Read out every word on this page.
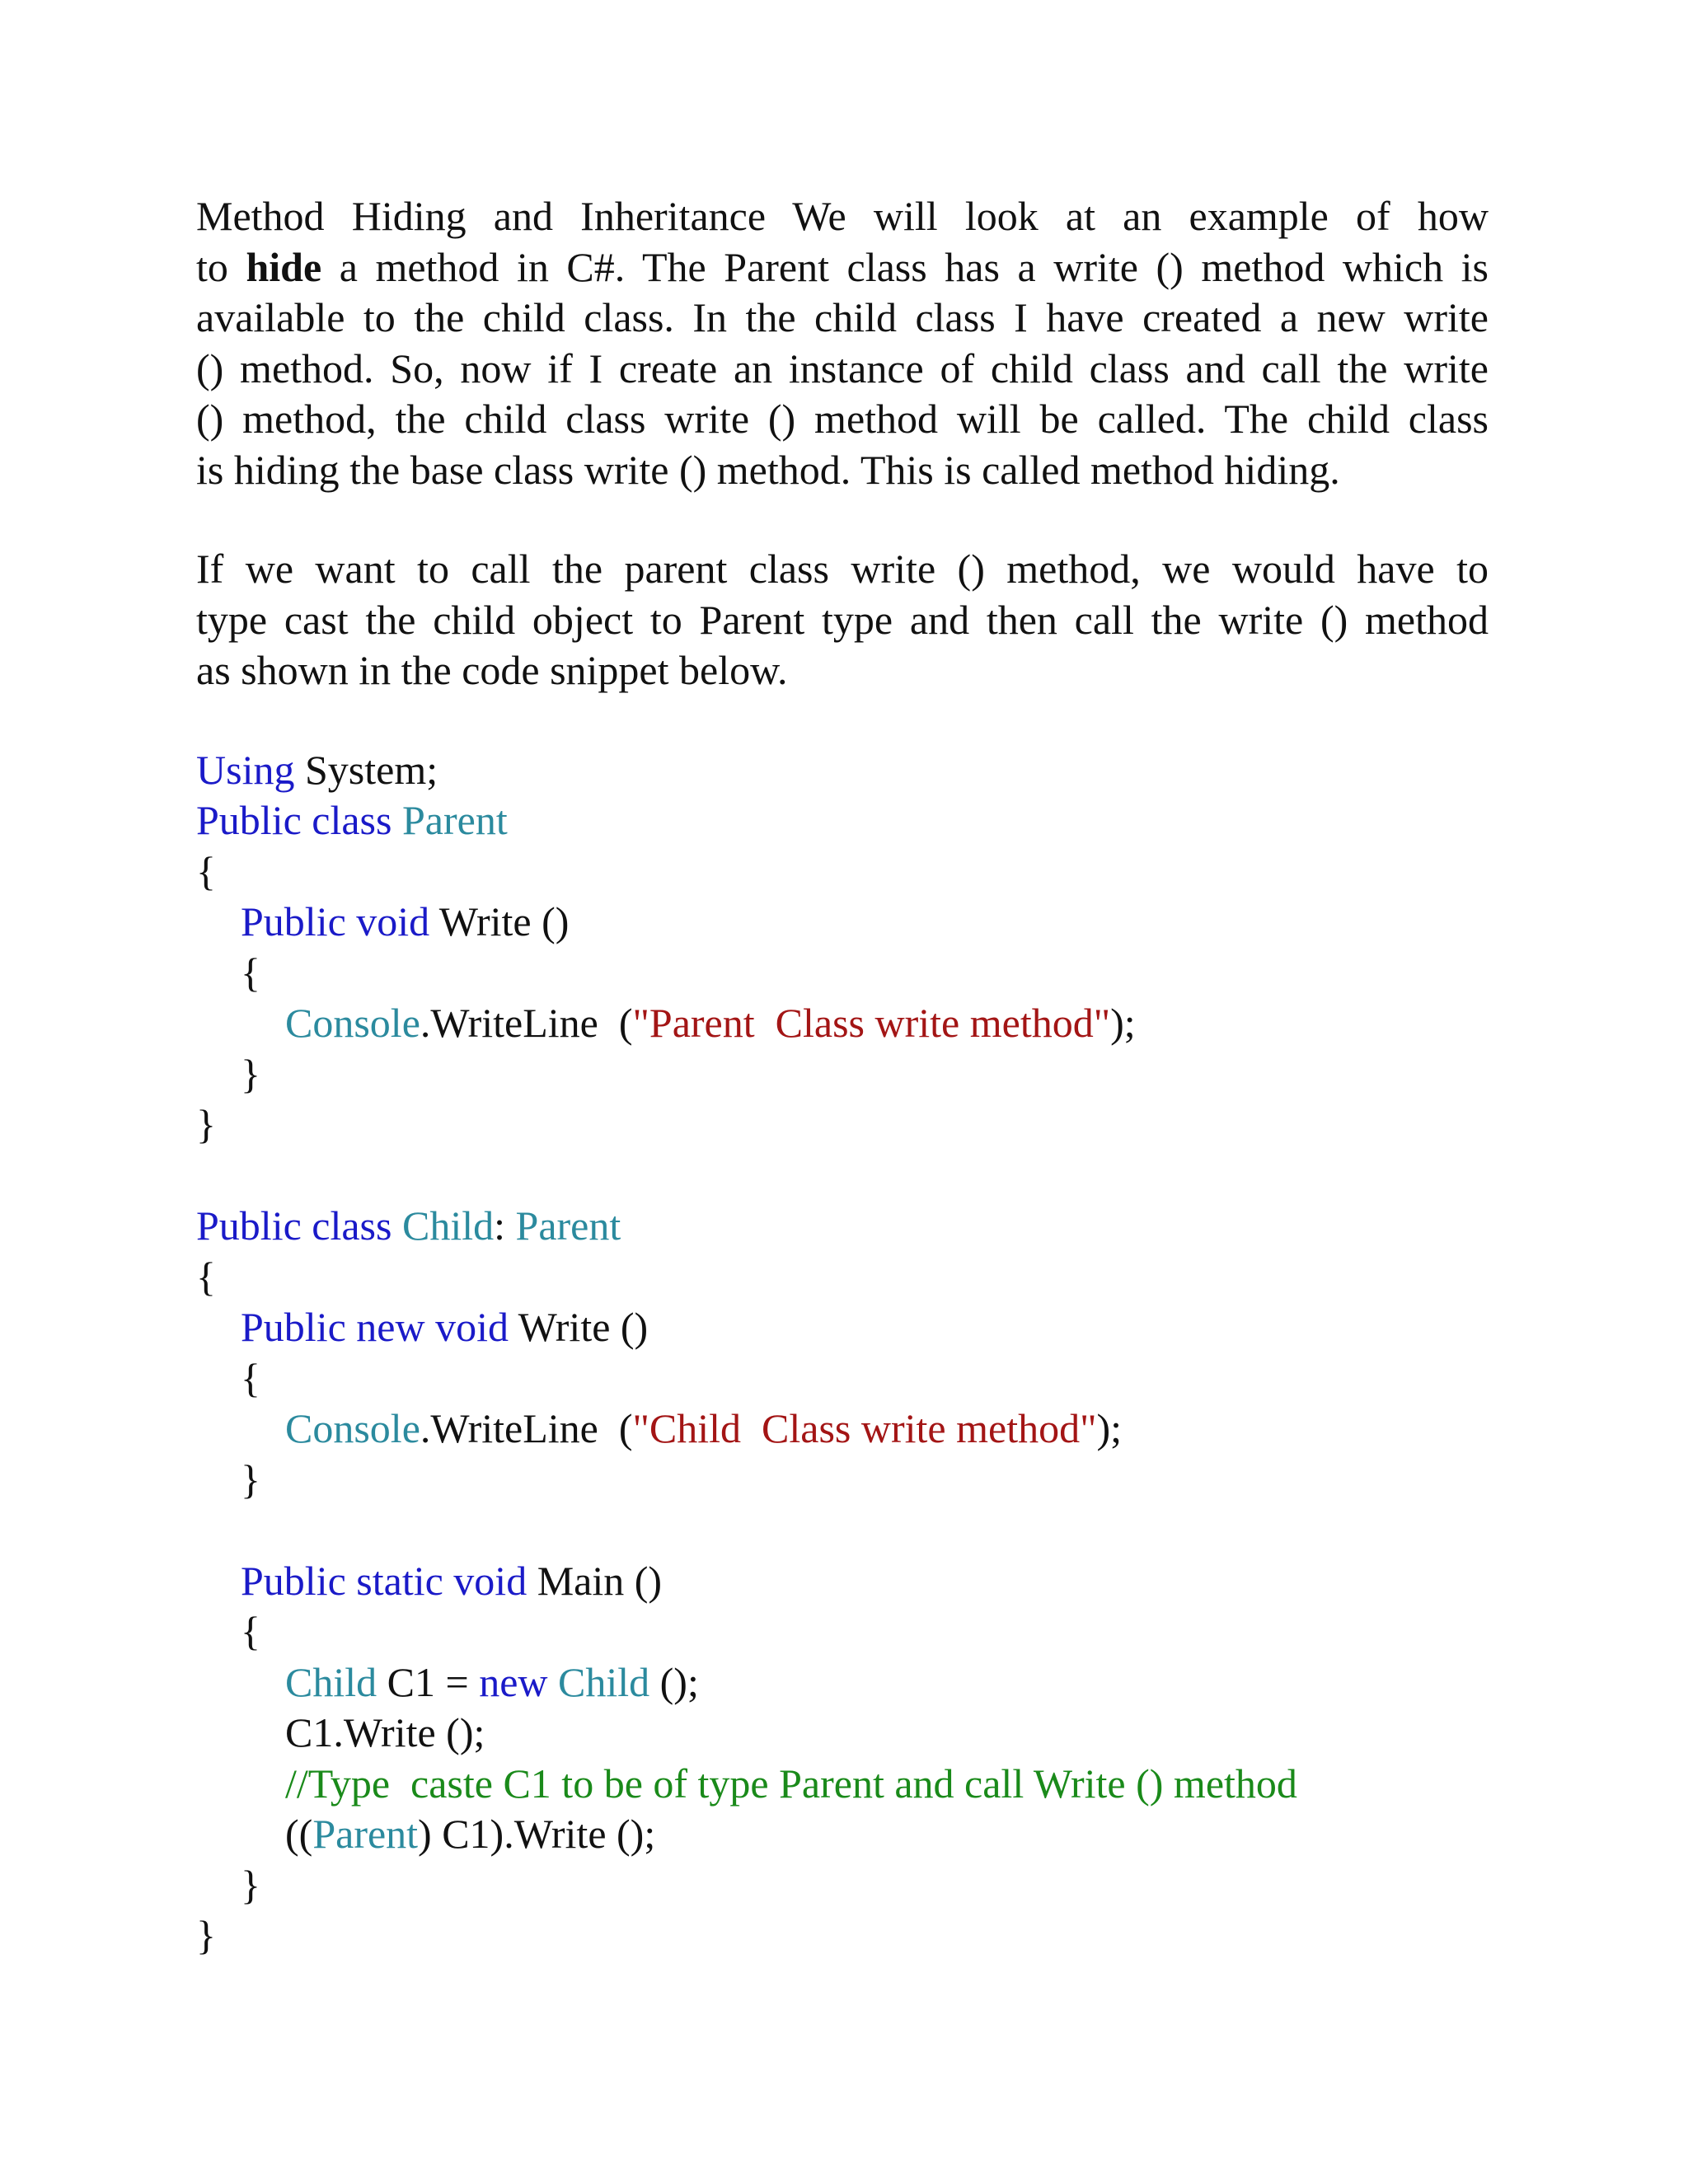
Method Hiding and Inheritance We will look at an example of how
to hide a method in C#. The Parent class has a write () method which is
available to the child class. In the child class I have created a new write
() method. So, now if I create an instance of child class and call the write
() method, the child class write () method will be called. The child class
is hiding the base class write () method. This is called method hiding.

If we want to call the parent class write () method, we would have to
type cast the child object to Parent type and then call the write () method
as shown in the code snippet below.

Using System;
Public class Parent
{
Public void Write ()
{
Console.WriteLine  ("Parent  Class write method");
}
}
Public class Child: Parent
{
Public new void Write ()
{
Console.WriteLine  ("Child  Class write method");
}
Public static void Main ()
{
Child C1 = new Child ();
C1.Write ();
//Type  caste C1 to be of type Parent and call Write () method
((Parent) C1).Write ();
}
}
